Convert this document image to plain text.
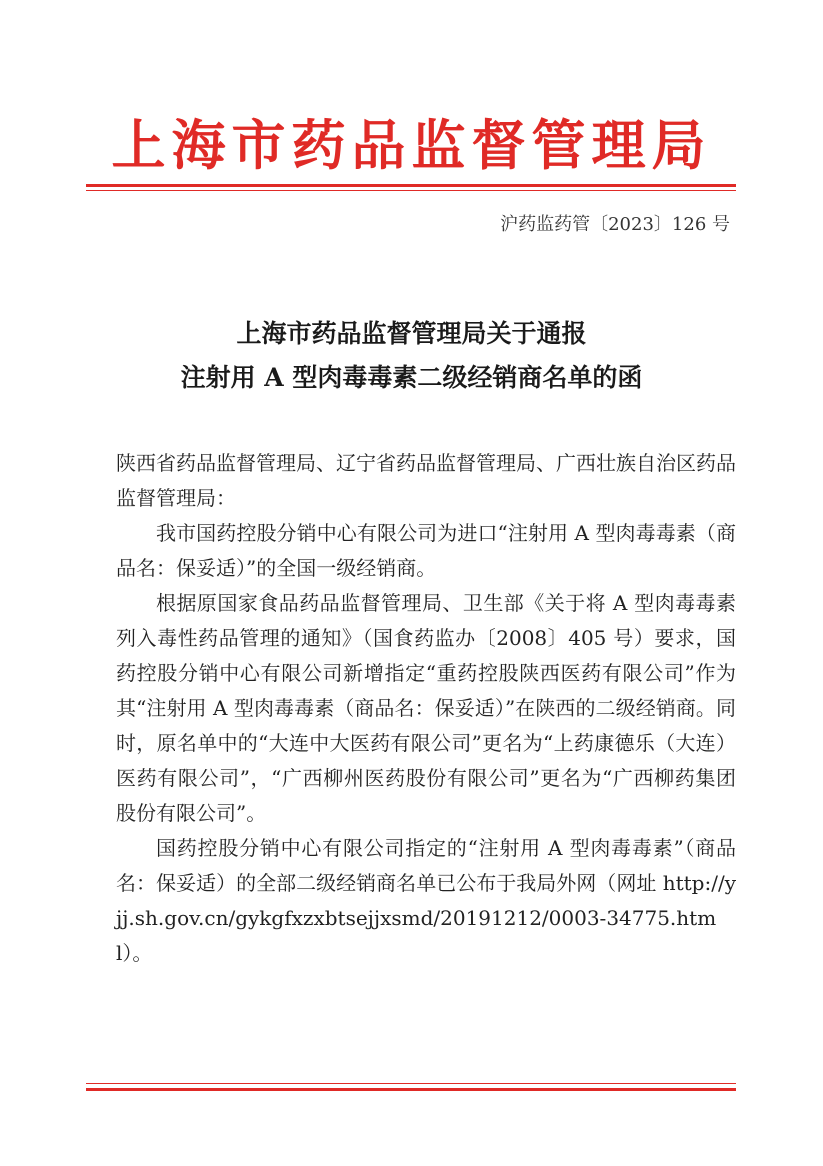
上海市药品监督管理局
沪药监药管〔2023〕126 号
上海市药品监督管理局关于通报
注射用 A 型肉毒毒素二级经销商名单的函

陕西省药品监督管理局、辽宁省药品监督管理局、广西壮族自治区药品监督管理局：

我市国药控股分销中心有限公司为进口“注射用 A 型肉毒毒素（商品名：保妥适）”的全国一级经销商。

根据原国家食品药品监督管理局、卫生部《关于将 A 型肉毒毒素列入毒性药品管理的通知》（国食药监办〔2008〕405 号）要求，国药控股分销中心有限公司新增指定“重药控股陕西医药有限公司”作为其“注射用 A 型肉毒毒素（商品名：保妥适）”在陕西的二级经销商。同时，原名单中的“大连中大医药有限公司”更名为“上药康德乐（大连）医药有限公司”，“广西柳州医药股份有限公司”更名为“广西柳药集团股份有限公司”。

国药控股分销中心有限公司指定的“注射用 A 型肉毒毒素”（商品名：保妥适）的全部二级经销商名单已公布于我局外网（网址 http://yjj.sh.gov.cn/gykgfxzxbtsejjxsmd/20191212/0003-34775.html）。
